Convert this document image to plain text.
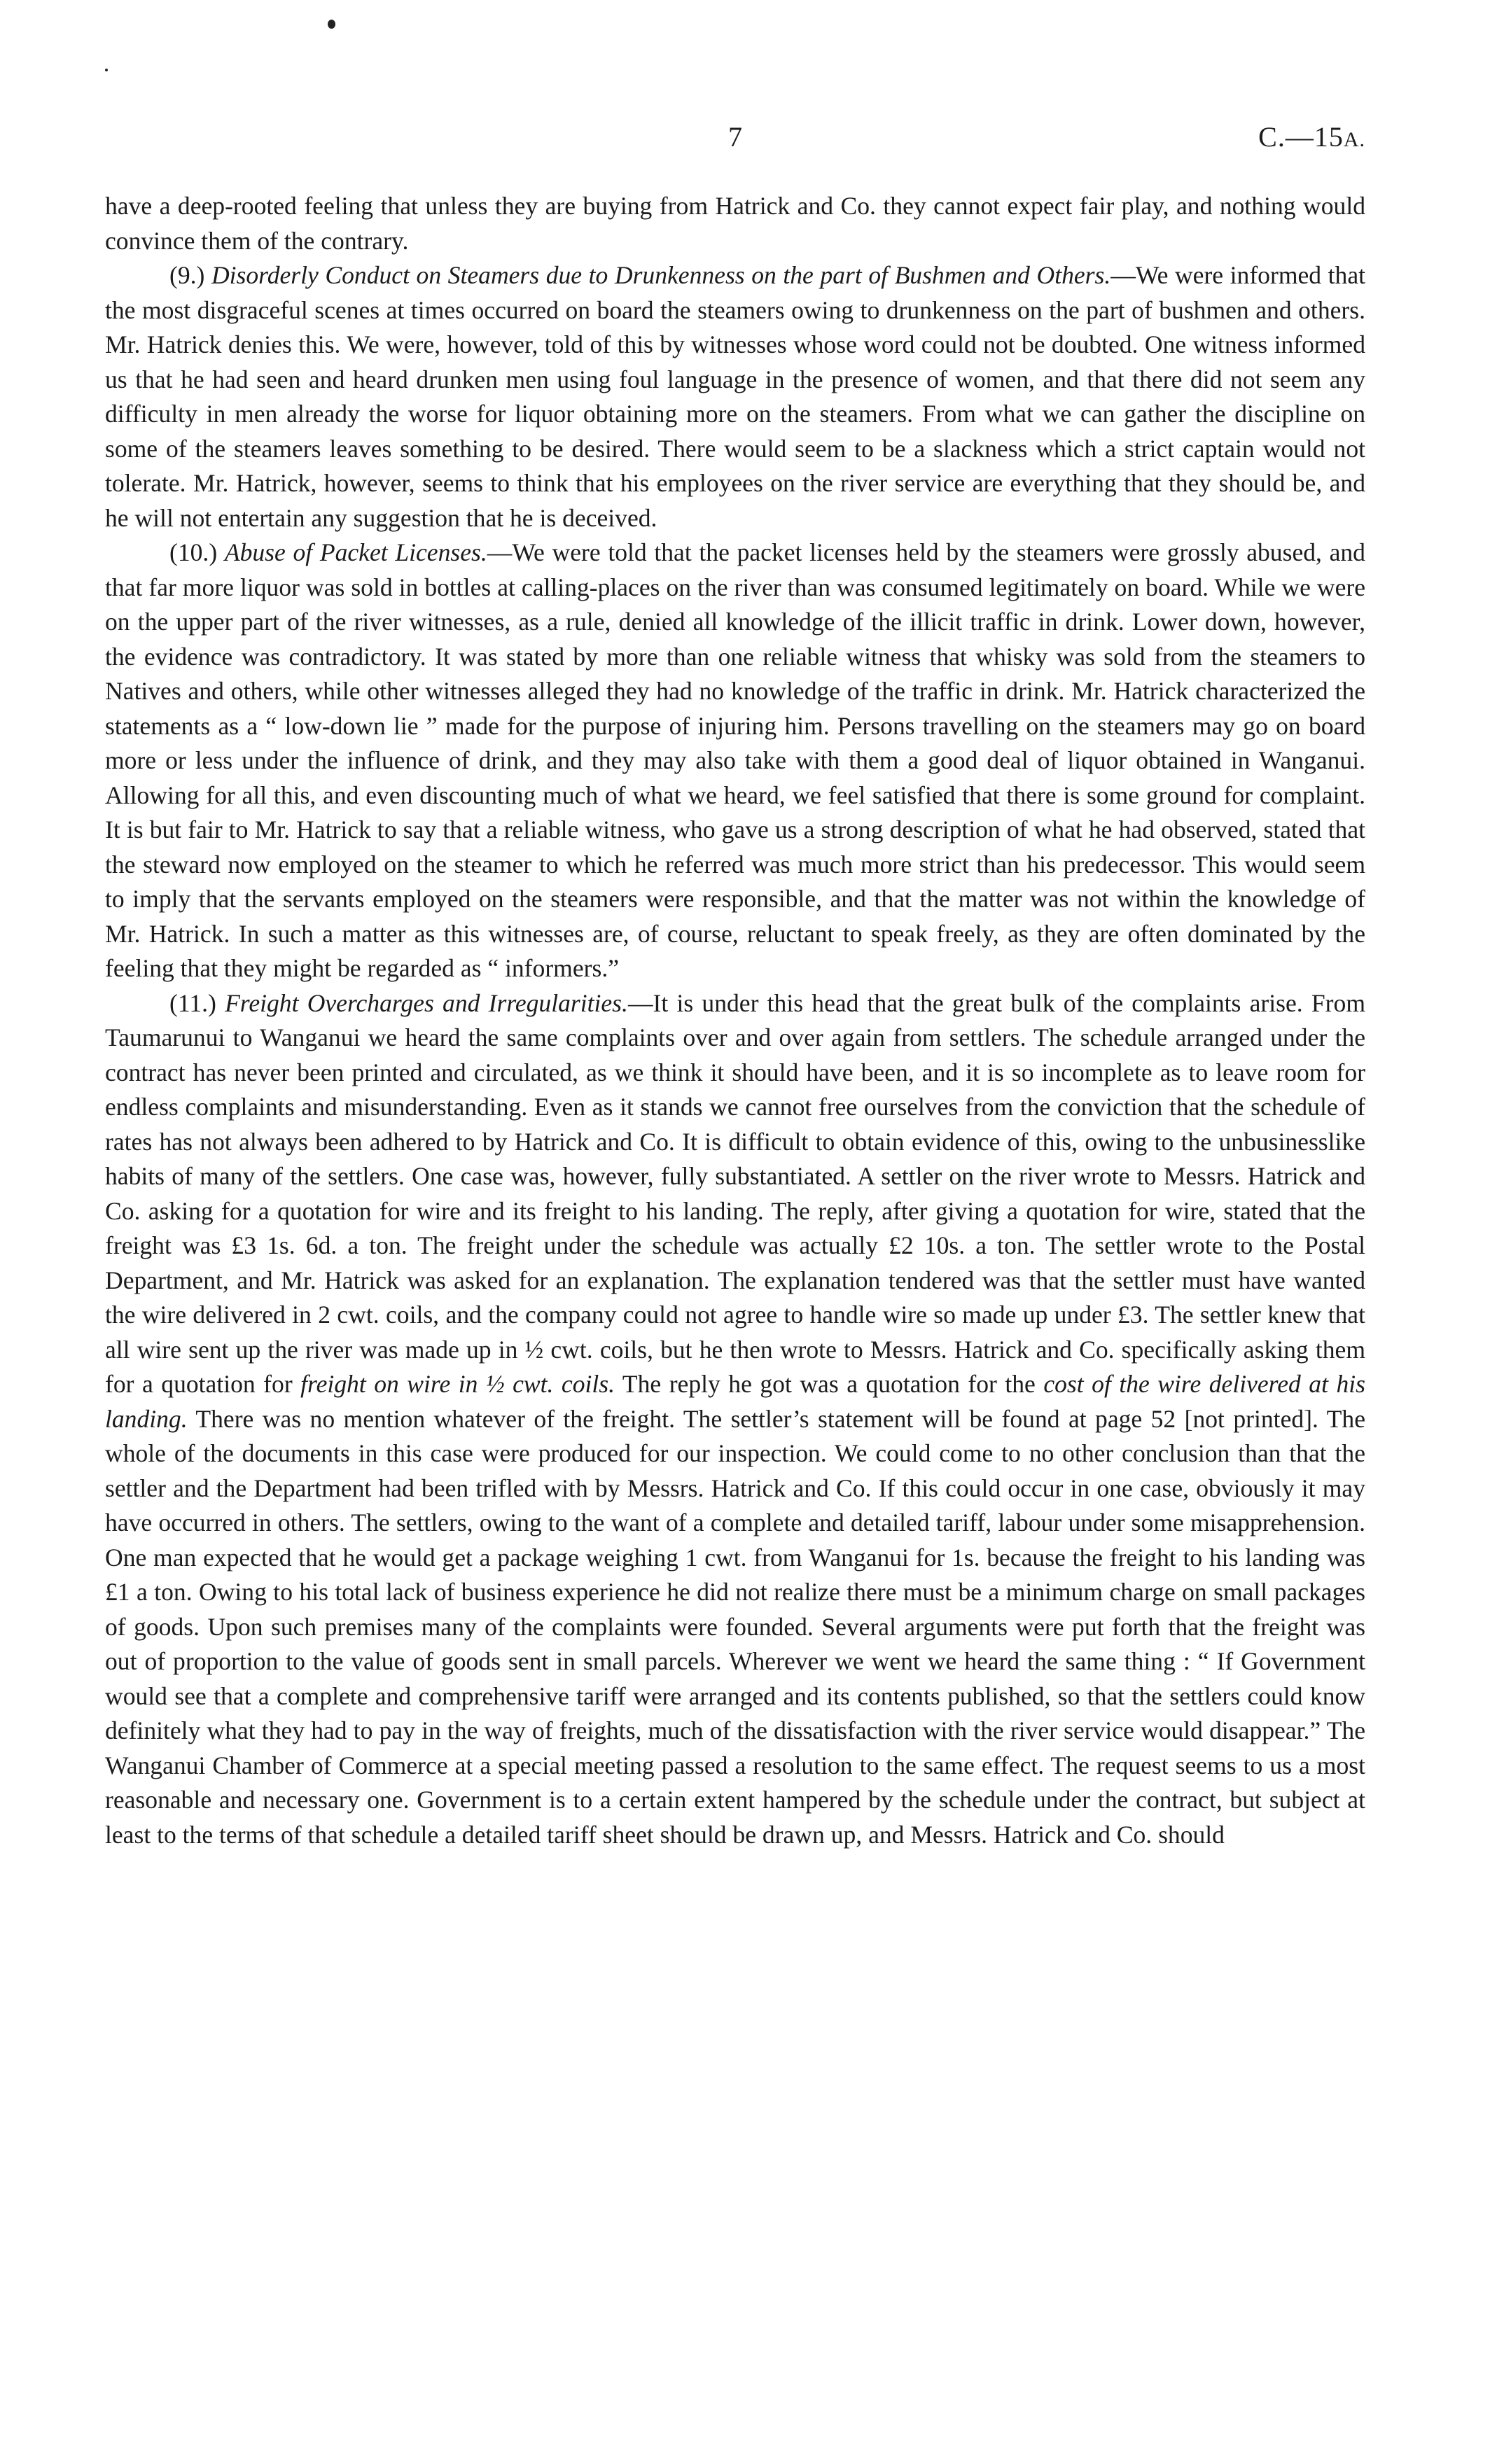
7	C.—15A.

have a deep-rooted feeling that unless they are buying from Hatrick and Co. they cannot expect fair play, and nothing would convince them of the contrary.

(9.) Disorderly Conduct on Steamers due to Drunkenness on the part of Bushmen and Others.—We were informed that the most disgraceful scenes at times occurred on board the steamers owing to drunkenness on the part of bushmen and others. Mr. Hatrick denies this. We were, however, told of this by witnesses whose word could not be doubted. One witness informed us that he had seen and heard drunken men using foul language in the presence of women, and that there did not seem any difficulty in men already the worse for liquor obtaining more on the steamers. From what we can gather the discipline on some of the steamers leaves something to be desired. There would seem to be a slackness which a strict captain would not tolerate. Mr. Hatrick, however, seems to think that his employees on the river service are everything that they should be, and he will not entertain any suggestion that he is deceived.

(10.) Abuse of Packet Licenses.—We were told that the packet licenses held by the steamers were grossly abused, and that far more liquor was sold in bottles at calling-places on the river than was consumed legitimately on board. While we were on the upper part of the river witnesses, as a rule, denied all knowledge of the illicit traffic in drink. Lower down, however, the evidence was contradictory. It was stated by more than one reliable witness that whisky was sold from the steamers to Natives and others, while other witnesses alleged they had no knowledge of the traffic in drink. Mr. Hatrick characterized the statements as a “ low-down lie ” made for the purpose of injuring him. Persons travelling on the steamers may go on board more or less under the influence of drink, and they may also take with them a good deal of liquor obtained in Wanganui. Allowing for all this, and even discounting much of what we heard, we feel satisfied that there is some ground for complaint. It is but fair to Mr. Hatrick to say that a reliable witness, who gave us a strong description of what he had observed, stated that the steward now employed on the steamer to which he referred was much more strict than his predecessor. This would seem to imply that the servants employed on the steamers were responsible, and that the matter was not within the knowledge of Mr. Hatrick. In such a matter as this witnesses are, of course, reluctant to speak freely, as they are often dominated by the feeling that they might be regarded as “ informers.”

(11.) Freight Overcharges and Irregularities.—It is under this head that the great bulk of the complaints arise. From Taumarunui to Wanganui we heard the same complaints over and over again from settlers. The schedule arranged under the contract has never been printed and circulated, as we think it should have been, and it is so incomplete as to leave room for endless complaints and misunderstanding. Even as it stands we cannot free ourselves from the conviction that the schedule of rates has not always been adhered to by Hatrick and Co. It is difficult to obtain evidence of this, owing to the unbusinesslike habits of many of the settlers. One case was, however, fully substantiated. A settler on the river wrote to Messrs. Hatrick and Co. asking for a quotation for wire and its freight to his landing. The reply, after giving a quotation for wire, stated that the freight was £3 1s. 6d. a ton. The freight under the schedule was actually £2 10s. a ton. The settler wrote to the Postal Department, and Mr. Hatrick was asked for an explanation. The explanation tendered was that the settler must have wanted the wire delivered in 2 cwt. coils, and the company could not agree to handle wire so made up under £3. The settler knew that all wire sent up the river was made up in ½ cwt. coils, but he then wrote to Messrs. Hatrick and Co. specifically asking them for a quotation for freight on wire in ½ cwt. coils. The reply he got was a quotation for the cost of the wire delivered at his landing. There was no mention whatever of the freight. The settler’s statement will be found at page 52 [not printed]. The whole of the documents in this case were produced for our inspection. We could come to no other conclusion than that the settler and the Department had been trifled with by Messrs. Hatrick and Co. If this could occur in one case, obviously it may have occurred in others. The settlers, owing to the want of a complete and detailed tariff, labour under some misapprehension. One man expected that he would get a package weighing 1 cwt. from Wanganui for 1s. because the freight to his landing was £1 a ton. Owing to his total lack of business experience he did not realize there must be a minimum charge on small packages of goods. Upon such premises many of the complaints were founded. Several arguments were put forth that the freight was out of proportion to the value of goods sent in small parcels. Wherever we went we heard the same thing : “ If Government would see that a complete and comprehensive tariff were arranged and its contents published, so that the settlers could know definitely what they had to pay in the way of freights, much of the dissatisfaction with the river service would disappear.” The Wanganui Chamber of Commerce at a special meeting passed a resolution to the same effect. The request seems to us a most reasonable and necessary one. Government is to a certain extent hampered by the schedule under the contract, but subject at least to the terms of that schedule a detailed tariff sheet should be drawn up, and Messrs. Hatrick and Co. should
